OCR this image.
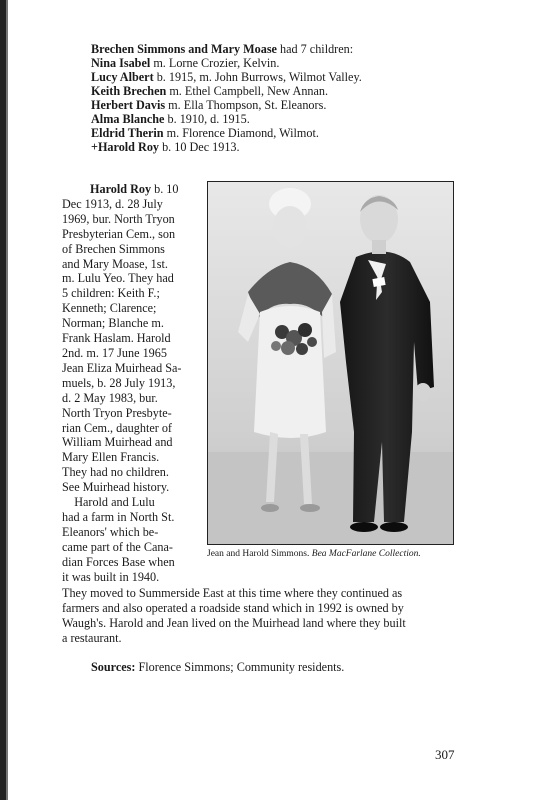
Brechen Simmons and Mary Moase had 7 children:
Nina Isabel m. Lorne Crozier, Kelvin.
Lucy Albert b. 1915, m. John Burrows, Wilmot Valley.
Keith Brechen m. Ethel Campbell, New Annan.
Herbert Davis m. Ella Thompson, St. Eleanors.
Alma Blanche b. 1910, d. 1915.
Eldrid Therin m. Florence Diamond, Wilmot.
+Harold Roy b. 10 Dec 1913.
Harold Roy b. 10
Dec 1913, d. 28 July
1969, bur. North Tryon
Presbyterian Cem., son
of Brechen Simmons
and Mary Moase, 1st.
m. Lulu Yeo. They had
5 children: Keith F.;
Kenneth; Clarence;
Norman; Blanche m.
Frank Haslam. Harold
2nd. m. 17 June 1965
Jean Eliza Muirhead Sa-
muels, b. 28 July 1913,
d. 2 May 1983, bur.
North Tryon Presbyte-
rian Cem., daughter of
William Muirhead and
Mary Ellen Francis.
They had no children.
See Muirhead history.
Harold and Lulu
had a farm in North St.
Eleanors' which be-
came part of the Cana-
dian Forces Base when
it was built in 1940.
Jean and Harold Simmons. Bea MacFarlane Collection.
They moved to Summerside East at this time where they continued as
farmers and also operated a roadside stand which in 1992 is owned by
Waugh's. Harold and Jean lived on the Muirhead land where they built
a restaurant.
Sources: Florence Simmons; Community residents.
307
